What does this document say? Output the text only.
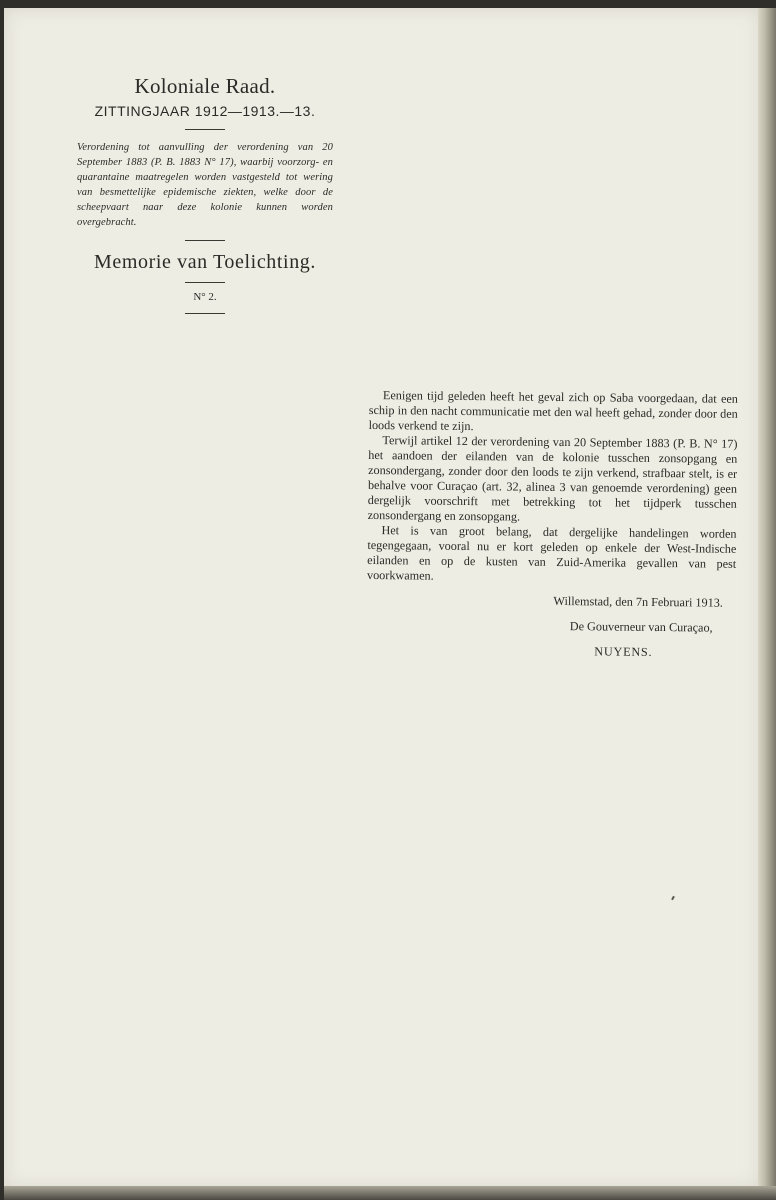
Koloniale Raad.
ZITTINGJAAR 1912—1913.—13.
Verordening tot aanvulling der verordening van 20 September 1883 (P. B. 1883 N° 17), waarbij voorzorg- en quarantaine maatregelen worden vastgesteld tot wering van besmettelijke epidemische ziekten, welke door de scheepvaart naar deze kolonie kunnen worden overgebracht.
Memorie van Toelichting.
N° 2.

Eenigen tijd geleden heeft het geval zich op Saba voorgedaan, dat een schip in den nacht communicatie met den wal heeft gehad, zonder door den loods verkend te zijn.

Terwijl artikel 12 der verordening van 20 September 1883 (P. B. N° 17) het aandoen der eilanden van de kolonie tusschen zonsopgang en zonsondergang, zonder door den loods te zijn verkend, strafbaar stelt, is er behalve voor Curaçao (art. 32, alinea 3 van genoemde verordening) geen dergelijk voorschrift met betrekking tot het tijdperk tusschen zonsondergang en zonsopgang.

Het is van groot belang, dat dergelijke handelingen worden tegengegaan, vooral nu er kort geleden op enkele der West-Indische eilanden en op de kusten van Zuid-Amerika gevallen van pest voorkwamen.

Willemstad, den 7n Februari 1913.
De Gouverneur van Curaçao,
NUYENS.
